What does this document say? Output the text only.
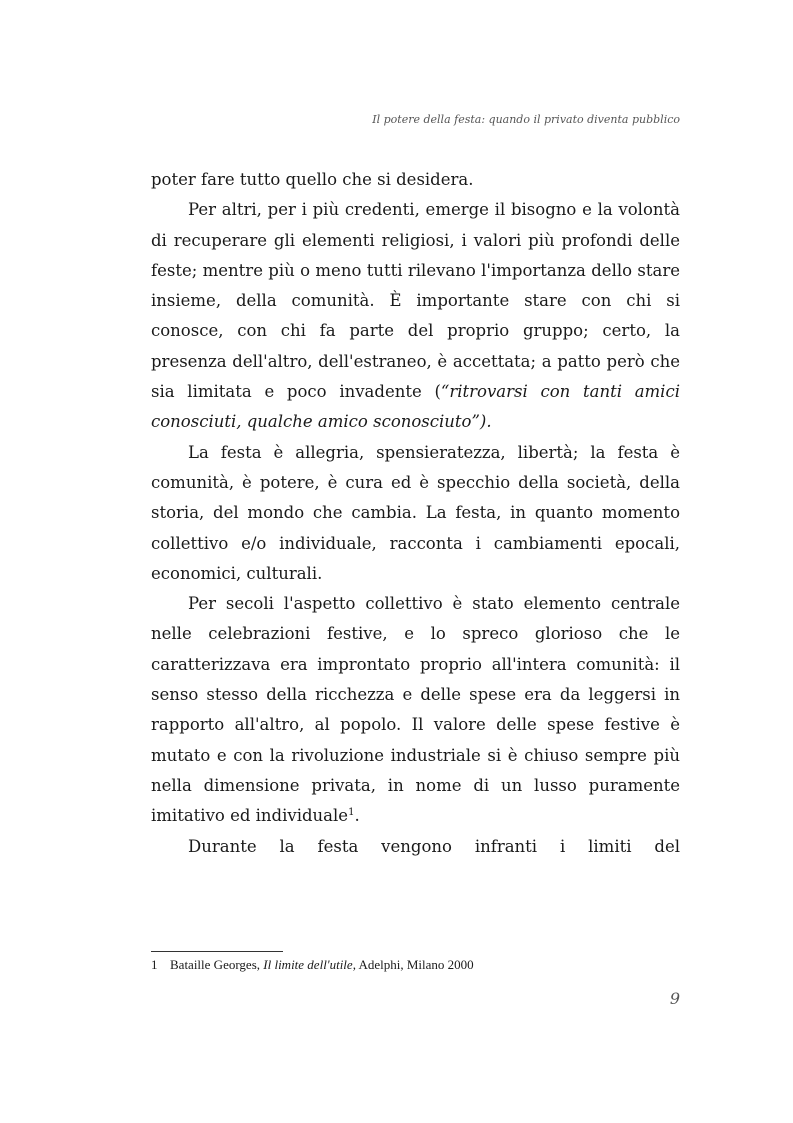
Il potere della festa: quando il privato diventa pubblico

poter fare tutto quello che si desidera.

Per altri, per i più credenti, emerge il bisogno e la volontà di recuperare gli elementi religiosi, i valori più profondi delle feste; mentre più o meno tutti rilevano l'importanza dello stare insieme, della comunità. È importante stare con chi si conosce, con chi fa parte del proprio gruppo; certo, la presenza dell'altro, dell'estraneo, è accettata; a patto però che sia limitata e poco invadente (“ritrovarsi con tanti amici conosciuti, qualche amico sconosciuto”).

La festa è allegria, spensieratezza, libertà; la festa è comunità, è potere, è cura ed è specchio della società, della storia, del mondo che cambia. La festa, in quanto momento collettivo e/o individuale, racconta i cambiamenti epocali, economici, culturali.

Per secoli l'aspetto collettivo è stato elemento centrale nelle celebrazioni festive, e lo spreco glorioso che le caratterizzava era improntato proprio all'intera comunità: il senso stesso della ricchezza e delle spese era da leggersi in rapporto all'altro, al popolo. Il valore delle spese festive è mutato e con la rivoluzione industriale si è chiuso sempre più nella dimensione privata, in nome di un lusso puramente imitativo ed individuale$^1$.

Durante la festa vengono infranti i limiti del

1 Bataille Georges, Il limite dell'utile, Adelphi, Milano 2000
9
